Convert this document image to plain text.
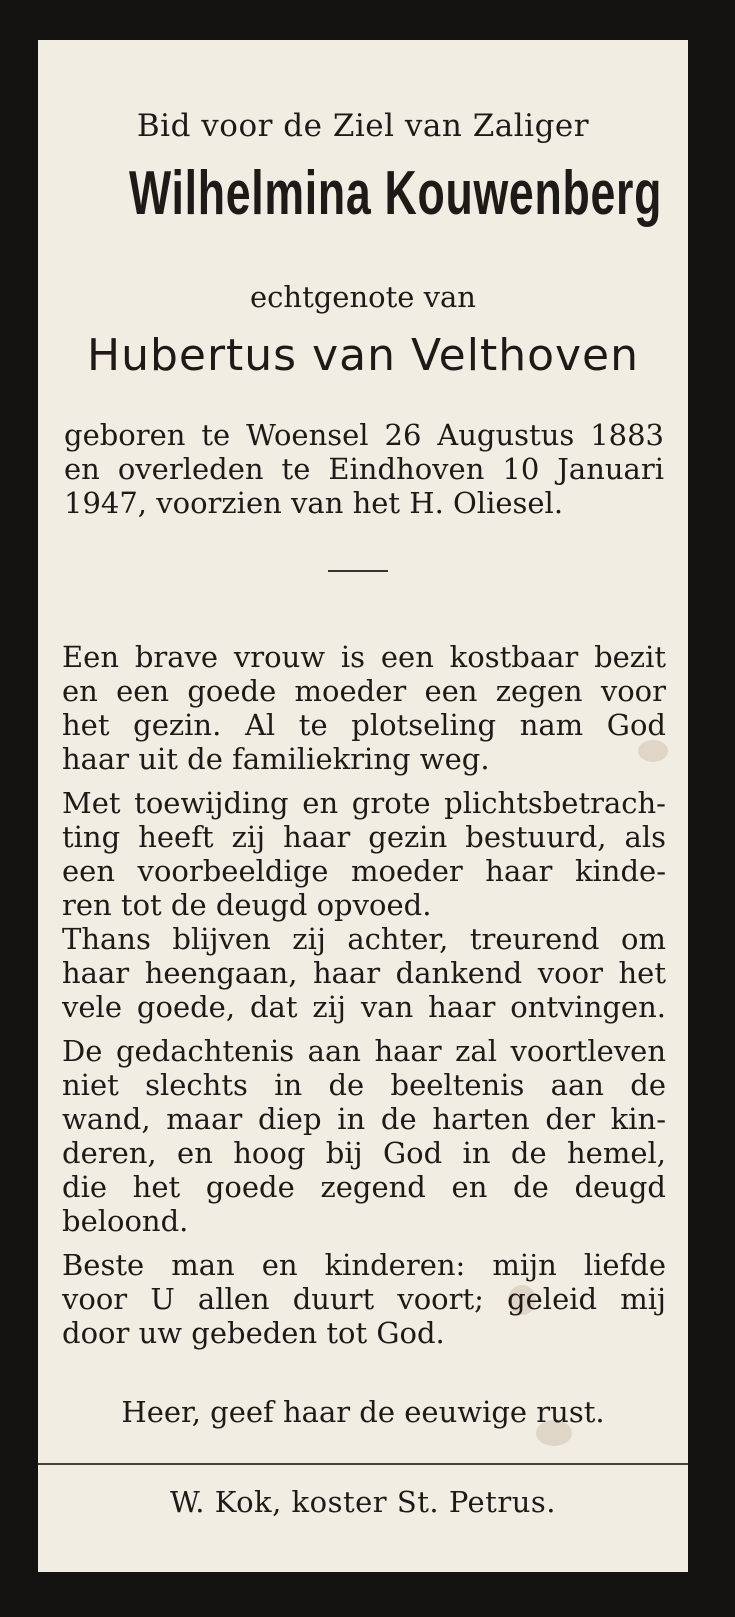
Bid voor de Ziel van Zaliger
Wilhelmina Kouwenberg
echtgenote van
Hubertus van Velthoven
geboren te Woensel 26 Augustus 1883
en overleden te Eindhoven 10 Januari
1947, voorzien van het H. Oliesel.
Een brave vrouw is een kostbaar bezit
en een goede moeder een zegen voor
het gezin. Al te plotseling nam God
haar uit de familiekring weg.
Met toewijding en grote plichtsbetrach-
ting heeft zij haar gezin bestuurd, als
een voorbeeldige moeder haar kinde-
ren tot de deugd opvoed.
Thans blijven zij achter, treurend om
haar heengaan, haar dankend voor het
vele goede, dat zij van haar ontvingen.
De gedachtenis aan haar zal voortleven
niet slechts in de beeltenis aan de
wand, maar diep in de harten der kin-
deren, en hoog bij God in de hemel,
die het goede zegend en de deugd
beloond.
Beste man en kinderen: mijn liefde
voor U allen duurt voort; geleid mij
door uw gebeden tot God.
Heer, geef haar de eeuwige rust.
W. Kok, koster St. Petrus.
